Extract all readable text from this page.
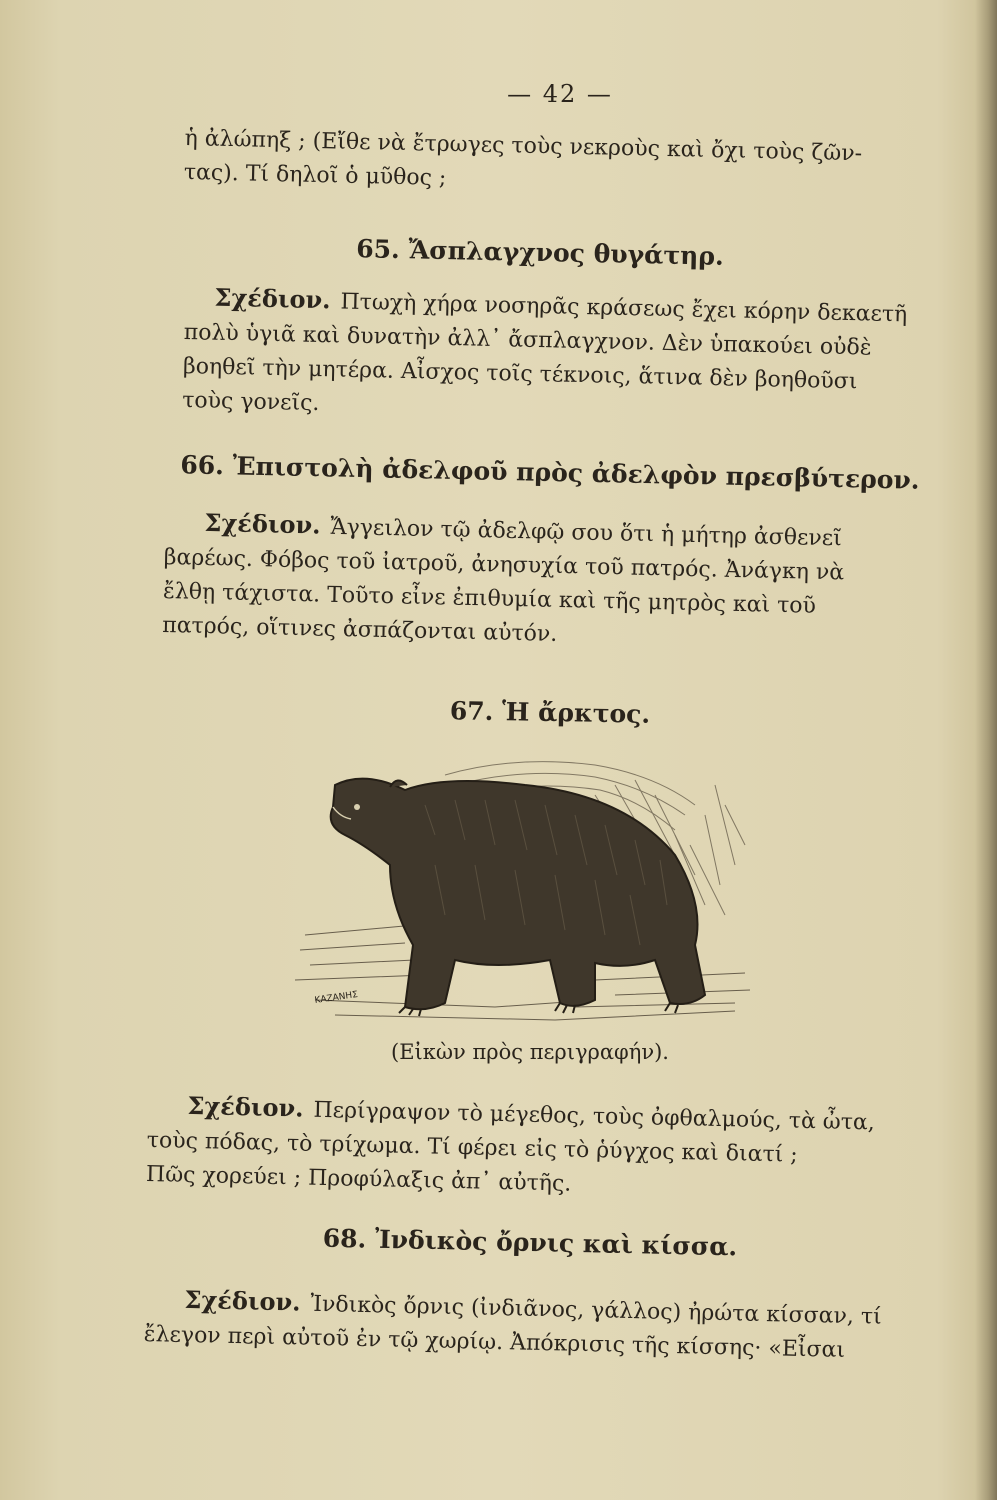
— 42 —

ἡ ἀλώπηξ ; (Εἴθε νὰ ἔτρωγες τοὺς νεκροὺς καὶ ὄχι τοὺς ζῶν-
τας). Τί δηλοῖ ὁ μῦθος ;

65. Ἄσπλαγχνος θυγάτηρ.

Σχέδιον. Πτωχὴ χήρα νοσηρᾶς κράσεως ἔχει κόρην δεκαετῆ
πολὺ ὑγιᾶ καὶ δυνατὴν ἀλλ᾽ ἄσπλαγχνον. Δὲν ὑπακούει οὐδὲ
βοηθεῖ τὴν μητέρα. Αἶσχος τοῖς τέκνοις, ἅτινα δὲν βοηθοῦσι
τοὺς γονεῖς.

66. Ἐπιστολὴ ἀδελφοῦ πρὸς ἀδελφὸν πρεσβύτερον.

Σχέδιον. Ἄγγειλον τῷ ἀδελφῷ σου ὅτι ἡ μήτηρ ἀσθενεῖ
βαρέως. Φόβος τοῦ ἰατροῦ, ἀνησυχία τοῦ πατρός. Ἀνάγκη νὰ
ἔλθῃ τάχιστα. Τοῦτο εἶνε ἐπιθυμία καὶ τῆς μητρὸς καὶ τοῦ
πατρός, οἵτινες ἀσπάζονται αὐτόν.

67. Ἡ ἄρκτος.
ΚΑΖΑΝΗΣ
(Εἰκὼν πρὸς περιγραφήν).

Σχέδιον. Περίγραψον τὸ μέγεθος, τοὺς ὀφθαλμούς, τὰ ὦτα,
τοὺς πόδας, τὸ τρίχωμα. Τί φέρει εἰς τὸ ῥύγχος καὶ διατί ;
Πῶς χορεύει ; Προφύλαξις ἀπ᾽ αὐτῆς.

68. Ἰνδικὸς ὄρνις καὶ κίσσα.

Σχέδιον. Ἰνδικὸς ὄρνις (ἰνδιᾶνος, γάλλος) ἠρώτα κίσσαν, τί
ἔλεγον περὶ αὐτοῦ ἐν τῷ χωρίῳ. Ἀπόκρισις τῆς κίσσης· «Εἶσαι
